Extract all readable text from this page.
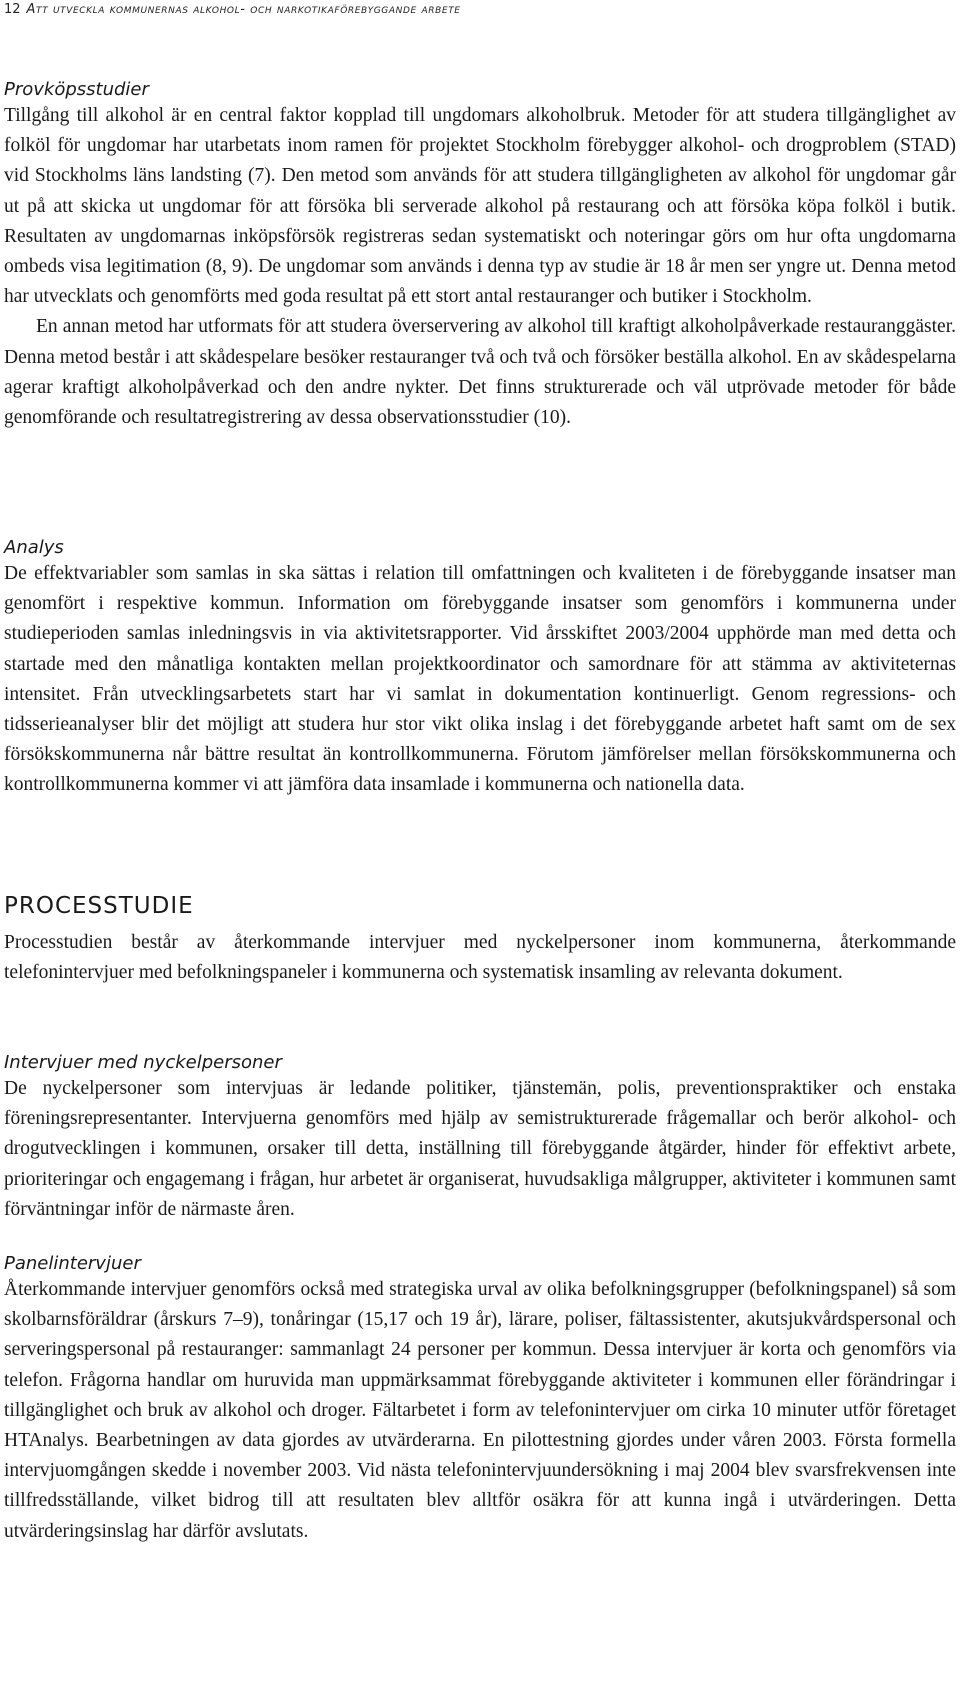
12 Att utveckla kommunernas alkohol- och narkotikaförebyggande arbete
Provköpsstudier

Tillgång till alkohol är en central faktor kopplad till ungdomars alkoholbruk. Metoder för att studera tillgänglighet av folköl för ungdomar har utarbetats inom ramen för projektet Stockholm förebygger alkohol- och drogproblem (STAD) vid Stockholms läns landsting (7). Den metod som används för att studera tillgängligheten av alkohol för ungdomar går ut på att skicka ut ungdomar för att försöka bli serverade alkohol på restaurang och att försöka köpa folköl i butik. Resultaten av ungdomarnas inköpsförsök registreras sedan systematiskt och noteringar görs om hur ofta ungdomarna ombeds visa legitimation (8, 9). De ungdomar som används i denna typ av studie är 18 år men ser yngre ut. Denna metod har utvecklats och genomförts med goda resultat på ett stort antal restauranger och butiker i Stockholm.

En annan metod har utformats för att studera överservering av alkohol till kraftigt alkoholpåverkade restauranggäster. Denna metod består i att skådespelare besöker restauranger två och två och försöker beställa alkohol. En av skådespelarna agerar kraftigt alkoholpåverkad och den andre nykter. Det finns strukturerade och väl utprövade metoder för både genomförande och resultatregistrering av dessa observationsstudier (10).

Analys

De effektvariabler som samlas in ska sättas i relation till omfattningen och kvaliteten i de förebyggande insatser man genomfört i respektive kommun. Information om förebyggande insatser som genomförs i kommunerna under studieperioden samlas inledningsvis in via aktivitetsrapporter. Vid årsskiftet 2003/2004 upphörde man med detta och startade med den månatliga kontakten mellan projektkoordinator och samordnare för att stämma av aktiviteternas intensitet. Från utvecklingsarbetets start har vi samlat in dokumentation kontinuerligt. Genom regressions- och tidsserieanalyser blir det möjligt att studera hur stor vikt olika inslag i det förebyggande arbetet haft samt om de sex försökskommunerna når bättre resultat än kontrollkommunerna. Förutom jämförelser mellan försökskommunerna och kontrollkommunerna kommer vi att jämföra data insamlade i kommunerna och nationella data.

PROCESSTUDIE

Processtudien består av återkommande intervjuer med nyckelpersoner inom kommunerna, återkommande telefonintervjuer med befolkningspaneler i kommunerna och systematisk insamling av relevanta dokument.

Intervjuer med nyckelpersoner

De nyckelpersoner som intervjuas är ledande politiker, tjänstemän, polis, preventionspraktiker och enstaka föreningsrepresentanter. Intervjuerna genomförs med hjälp av semistrukturerade frågemallar och berör alkohol- och drogutvecklingen i kommunen, orsaker till detta, inställning till förebyggande åtgärder, hinder för effektivt arbete, prioriteringar och engagemang i frågan, hur arbetet är organiserat, huvudsakliga målgrupper, aktiviteter i kommunen samt förväntningar inför de närmaste åren.

Panelintervjuer

Återkommande intervjuer genomförs också med strategiska urval av olika befolkningsgrupper (befolkningspanel) så som skolbarnsföräldrar (årskurs 7–9), tonåringar (15,17 och 19 år), lärare, poliser, fältassistenter, akutsjukvårdspersonal och serveringspersonal på restauranger: sammanlagt 24 personer per kommun. Dessa intervjuer är korta och genomförs via telefon. Frågorna handlar om huruvida man uppmärksammat förebyggande aktiviteter i kommunen eller förändringar i tillgänglighet och bruk av alkohol och droger. Fältarbetet i form av telefonintervjuer om cirka 10 minuter utför företaget HTAnalys. Bearbetningen av data gjordes av utvärderarna. En pilottestning gjordes under våren 2003. Första formella intervjuomgången skedde i november 2003. Vid nästa telefonintervjuundersökning i maj 2004 blev svarsfrekvensen inte tillfredsställande, vilket bidrog till att resultaten blev alltför osäkra för att kunna ingå i utvärderingen. Detta utvärderingsinslag har därför avslutats.
